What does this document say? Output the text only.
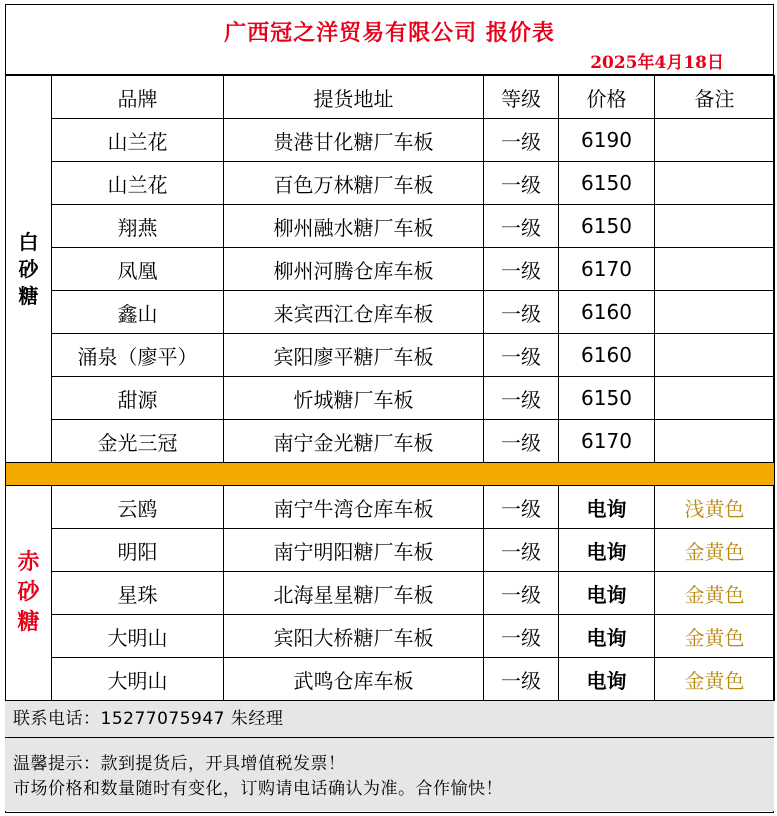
广西冠之洋贸易有限公司 报价表
2025年4月18日
白
砂
糖	品牌	提货地址	等级	价格	备注
	山兰花	贵港甘化糖厂车板	一级	6190	
	山兰花	百色万林糖厂车板	一级	6150	
	翔燕	柳州融水糖厂车板	一级	6150	
	凤凰	柳州河腾仓库车板	一级	6170	
	鑫山	来宾西江仓库车板	一级	6160	
	涌泉（廖平）	宾阳廖平糖厂车板	一级	6160	
	甜源	忻城糖厂车板	一级	6150	
	金光三冠	南宁金光糖厂车板	一级	6170	

赤
砂
糖	云鸥	南宁牛湾仓库车板	一级	电询	浅黄色
	明阳	南宁明阳糖厂车板	一级	电询	金黄色
	星珠	北海星星糖厂车板	一级	电询	金黄色
	大明山	宾阳大桥糖厂车板	一级	电询	金黄色
	大明山	武鸣仓库车板	一级	电询	金黄色
联系电话：15277075947 朱经理
温馨提示：款到提货后，开具增值税发票！
市场价格和数量随时有变化，订购请电话确认为准。合作愉快！
